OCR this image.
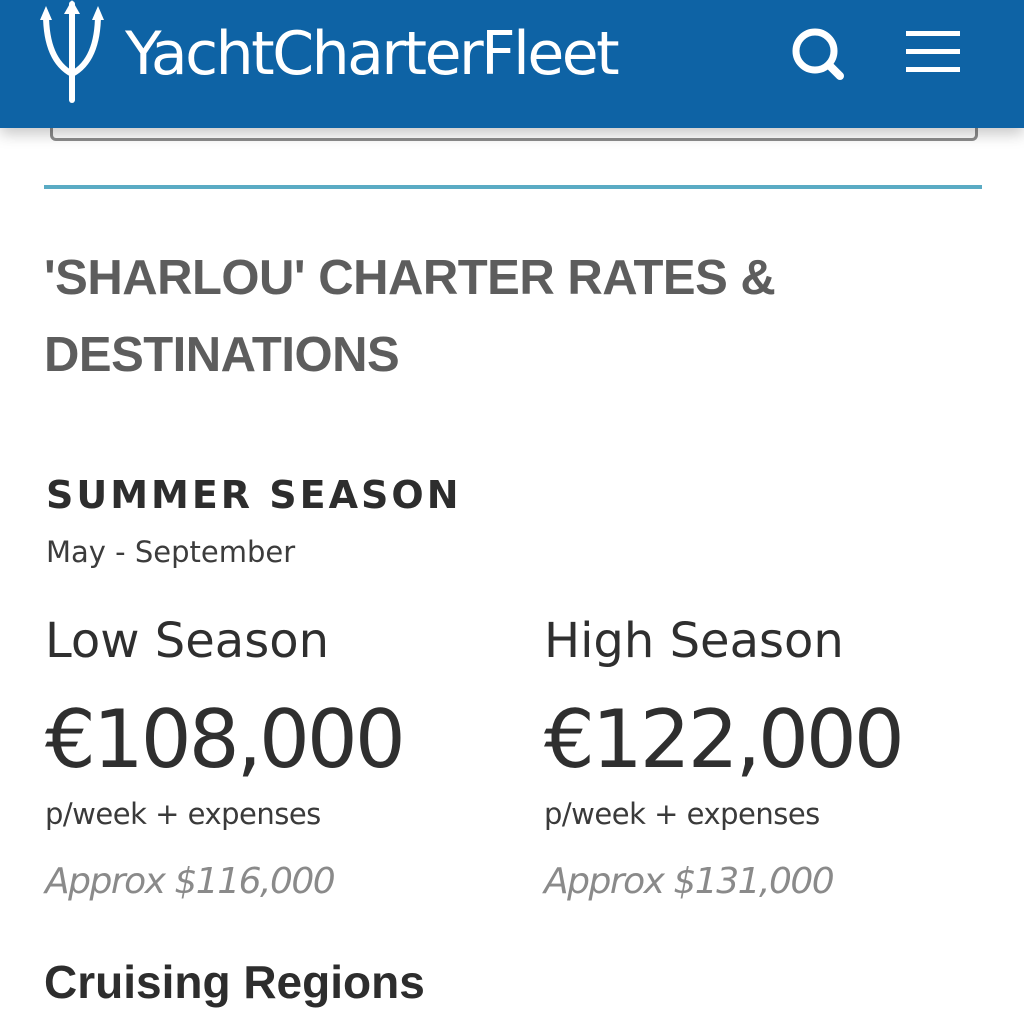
YachtCharterFleet
'SHARLOU' CHARTER RATES & DESTINATIONS
SUMMER SEASON
May - September
Low Season
€108,000
p/week + expenses
Approx $116,000
High Season
€122,000
p/week + expenses
Approx $131,000
Cruising Regions
